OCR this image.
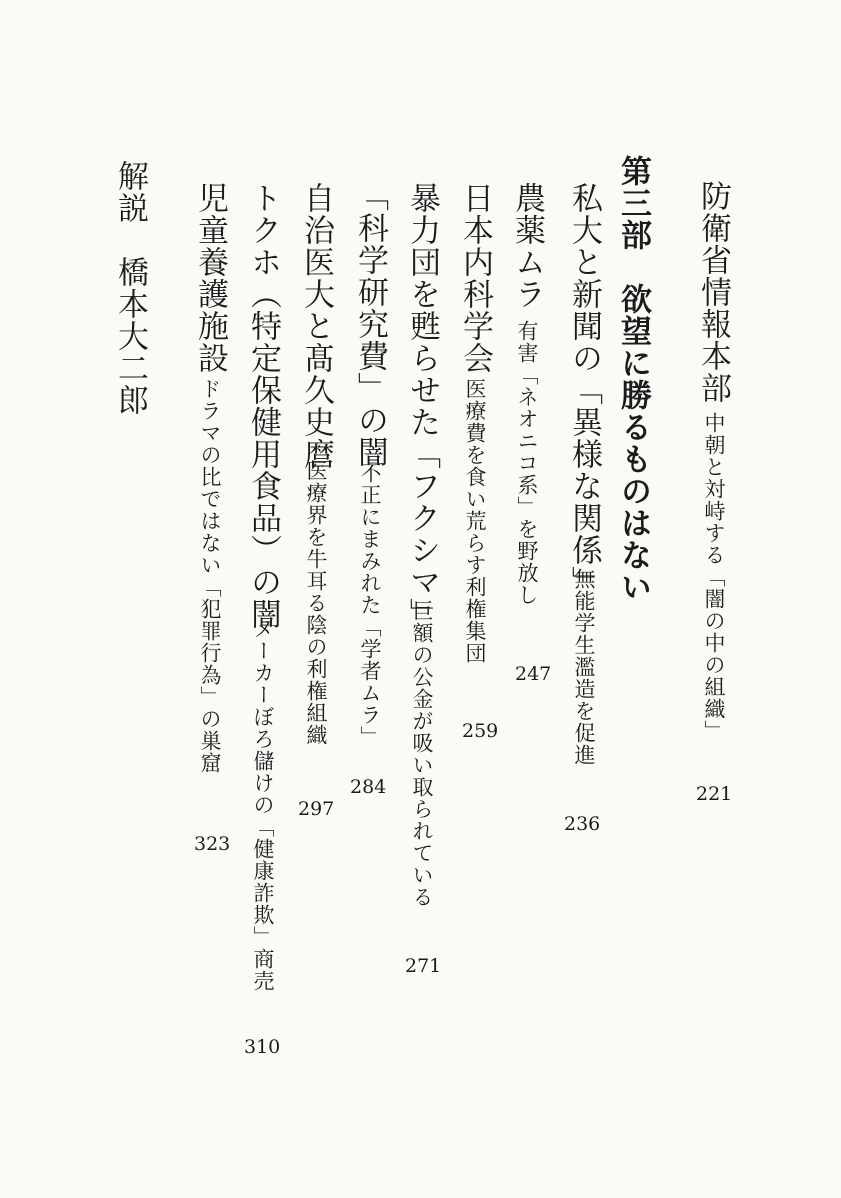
防衛省情報本部
中朝と対峙する「闇の中の組織」
221
第三部　欲望に勝るものはない
私大と新聞の「異様な関係」
無能学生濫造を促進
236
農薬ムラ
有害「ネオニコ系」を野放し
247
日本内科学会
医療費を食い荒らす利権集団
259
暴力団を甦らせた「フクシマ」
巨額の公金が吸い取られている
271
「科学研究費」の闇
不正にまみれた「学者ムラ」
284
自治医大と髙久史麿
医療界を牛耳る陰の利権組織
297
トクホ（特定保健用食品）の闇
メーカーぼろ儲けの「健康詐欺」商売
310
児童養護施設
ドラマの比ではない「犯罪行為」の巣窟
323
解説　橋本大二郎
